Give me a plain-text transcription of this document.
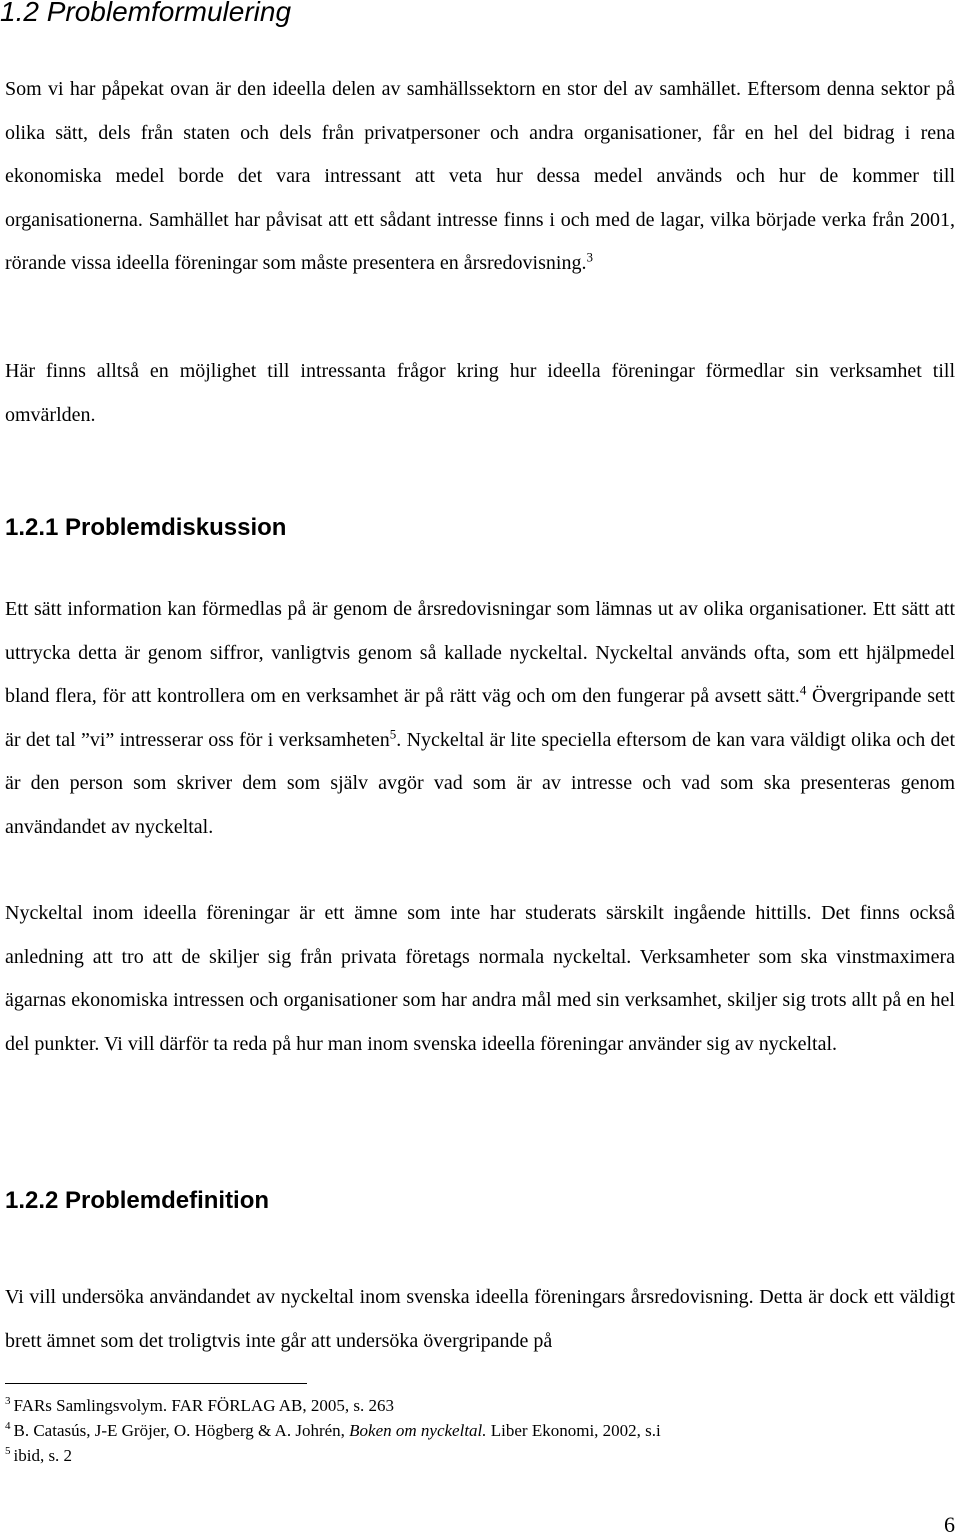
1.2 Problemformulering

Som vi har påpekat ovan är den ideella delen av samhällssektorn en stor del av samhället. Eftersom denna sektor på olika sätt, dels från staten och dels från privatpersoner och andra organisationer, får en hel del bidrag i rena ekonomiska medel borde det vara intressant att veta hur dessa medel används och hur de kommer till organisationerna. Samhället har påvisat att ett sådant intresse finns i och med de lagar, vilka började verka från 2001, rörande vissa ideella föreningar som måste presentera en årsredovisning.$^3$

Här finns alltså en möjlighet till intressanta frågor kring hur ideella föreningar förmedlar sin verksamhet till omvärlden.

1.2.1 Problemdiskussion

Ett sätt information kan förmedlas på är genom de årsredovisningar som lämnas ut av olika organisationer. Ett sätt att uttrycka detta är genom siffror, vanligtvis genom så kallade nyckeltal. Nyckeltal används ofta, som ett hjälpmedel bland flera, för att kontrollera om en verksamhet är på rätt väg och om den fungerar på avsett sätt.$^4$ Övergripande sett är det tal ”vi” intresserar oss för i verksamheten$^5$. Nyckeltal är lite speciella eftersom de kan vara väldigt olika och det är den person som skriver dem som själv avgör vad som är av intresse och vad som ska presenteras genom användandet av nyckeltal.

Nyckeltal inom ideella föreningar är ett ämne som inte har studerats särskilt ingående hittills. Det finns också anledning att tro att de skiljer sig från privata företags normala nyckeltal. Verksamheter som ska vinstmaximera ägarnas ekonomiska intressen och organisationer som har andra mål med sin verksamhet, skiljer sig trots allt på en hel del punkter. Vi vill därför ta reda på hur man inom svenska ideella föreningar använder sig av nyckeltal.

1.2.2 Problemdefinition

Vi vill undersöka användandet av nyckeltal inom svenska ideella föreningars årsredovisning. Detta är dock ett väldigt brett ämnet som det troligtvis inte går att undersöka övergripande på

$^3$ FARs Samlingsvolym. FAR FÖRLAG AB, 2005, s. 263
$^4$ B. Catasús, J-E Gröjer, O. Högberg & A. Johrén, Boken om nyckeltal. Liber Ekonomi, 2002, s.i
$^5$ ibid, s. 2
6
